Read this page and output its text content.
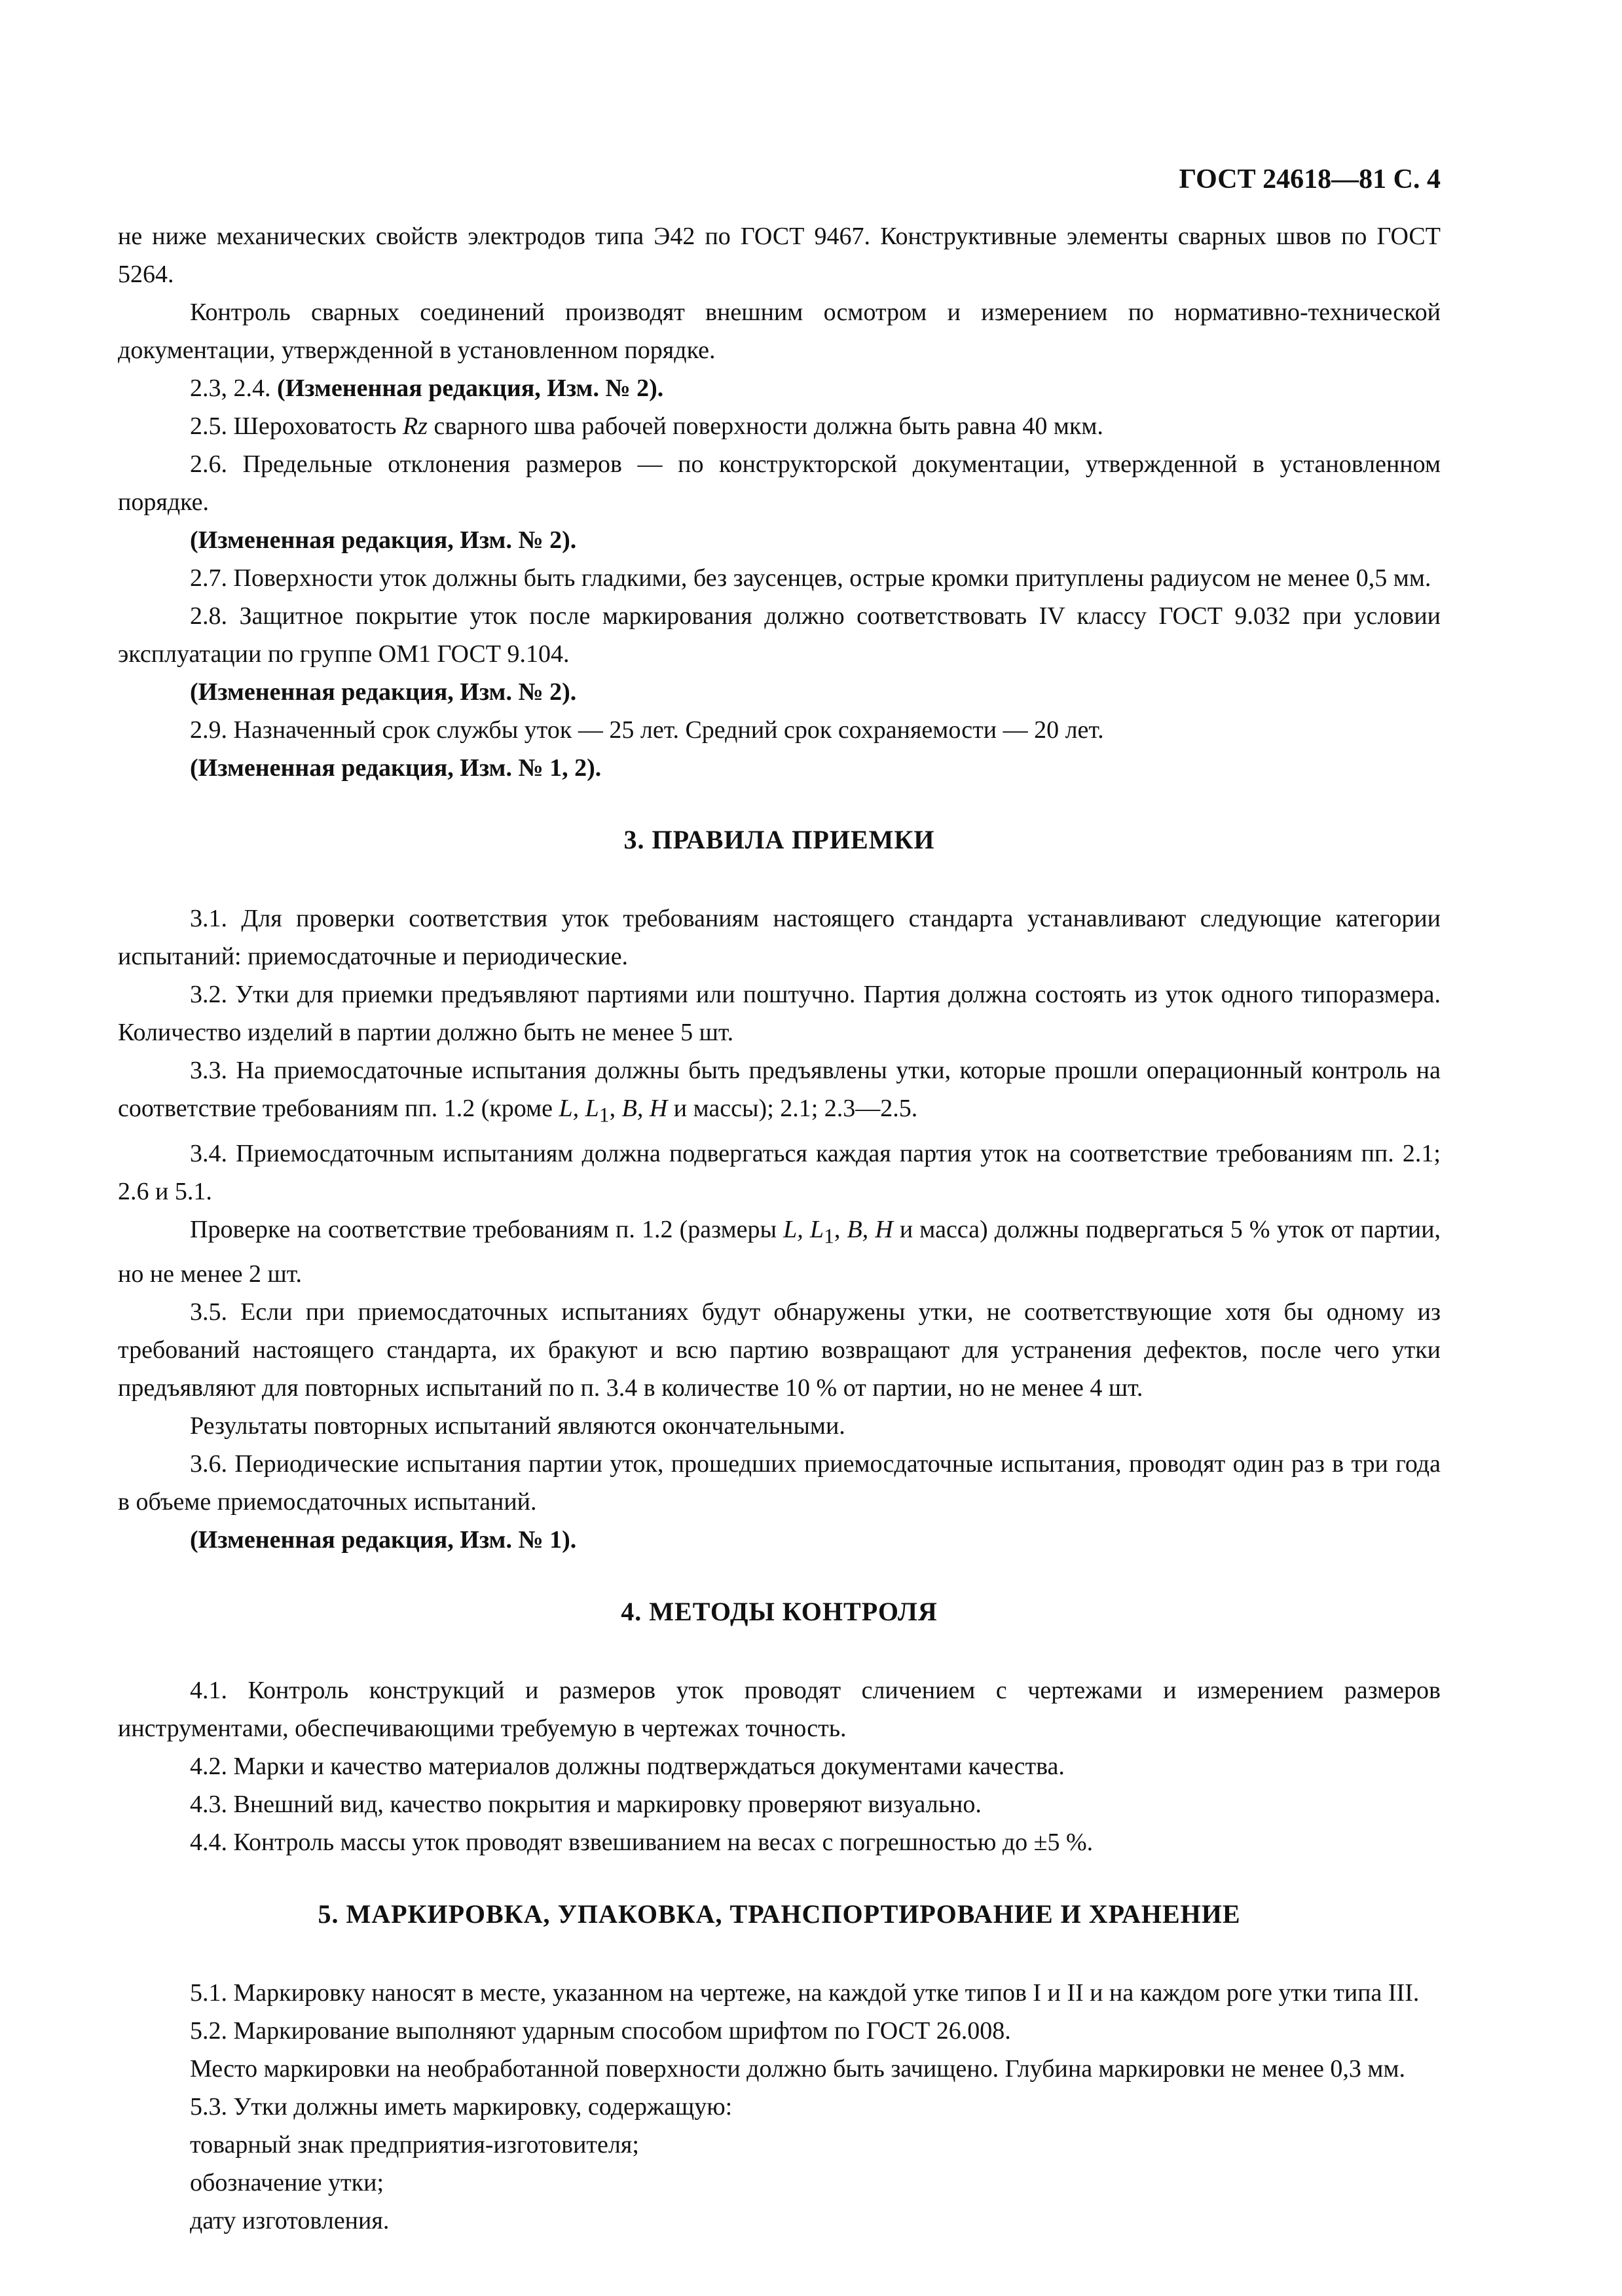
ГОСТ 24618—81 С. 4

не ниже механических свойств электродов типа Э42 по ГОСТ 9467. Конструктивные элементы сварных швов по ГОСТ 5264.

Контроль сварных соединений производят внешним осмотром и измерением по нормативно-технической документации, утвержденной в установленном порядке.

2.3, 2.4. (Измененная редакция, Изм. № 2).

2.5. Шероховатость Rz сварного шва рабочей поверхности должна быть равна 40 мкм.

2.6. Предельные отклонения размеров — по конструкторской документации, утвержденной в установленном порядке.

(Измененная редакция, Изм. № 2).

2.7. Поверхности уток должны быть гладкими, без заусенцев, острые кромки притуплены радиусом не менее 0,5 мм.

2.8. Защитное покрытие уток после маркирования должно соответствовать IV классу ГОСТ 9.032 при условии эксплуатации по группе ОМ1 ГОСТ 9.104.

(Измененная редакция, Изм. № 2).

2.9. Назначенный срок службы уток — 25 лет. Средний срок сохраняемости — 20 лет.

(Измененная редакция, Изм. № 1, 2).

3. ПРАВИЛА ПРИЕМКИ

3.1. Для проверки соответствия уток требованиям настоящего стандарта устанавливают следующие категории испытаний: приемосдаточные и периодические.

3.2. Утки для приемки предъявляют партиями или поштучно. Партия должна состоять из уток одного типоразмера. Количество изделий в партии должно быть не менее 5 шт.

3.3. На приемосдаточные испытания должны быть предъявлены утки, которые прошли операционный контроль на соответствие требованиям пп. 1.2 (кроме L, $L_1$, B, H и массы); 2.1; 2.3—2.5.

3.4. Приемосдаточным испытаниям должна подвергаться каждая партия уток на соответствие требованиям пп. 2.1; 2.6 и 5.1.

Проверке на соответствие требованиям п. 1.2 (размеры L, $L_1$, B, H и масса) должны подвергаться 5 % уток от партии, но не менее 2 шт.

3.5. Если при приемосдаточных испытаниях будут обнаружены утки, не соответствующие хотя бы одному из требований настоящего стандарта, их бракуют и всю партию возвращают для устранения дефектов, после чего утки предъявляют для повторных испытаний по п. 3.4 в количестве 10 % от партии, но не менее 4 шт.

Результаты повторных испытаний являются окончательными.

3.6. Периодические испытания партии уток, прошедших приемосдаточные испытания, проводят один раз в три года в объеме приемосдаточных испытаний.

(Измененная редакция, Изм. № 1).

4. МЕТОДЫ КОНТРОЛЯ

4.1. Контроль конструкций и размеров уток проводят сличением с чертежами и измерением размеров инструментами, обеспечивающими требуемую в чертежах точность.

4.2. Марки и качество материалов должны подтверждаться документами качества.

4.3. Внешний вид, качество покрытия и маркировку проверяют визуально.

4.4. Контроль массы уток проводят взвешиванием на весах с погрешностью до ±5 %.

5. МАРКИРОВКА, УПАКОВКА, ТРАНСПОРТИРОВАНИЕ И ХРАНЕНИЕ

5.1. Маркировку наносят в месте, указанном на чертеже, на каждой утке типов I и II и на каждом роге утки типа III.

5.2. Маркирование выполняют ударным способом шрифтом по ГОСТ 26.008.

Место маркировки на необработанной поверхности должно быть зачищено. Глубина маркировки не менее 0,3 мм.

5.3. Утки должны иметь маркировку, содержащую:

товарный знак предприятия-изготовителя;

обозначение утки;

дату изготовления.
